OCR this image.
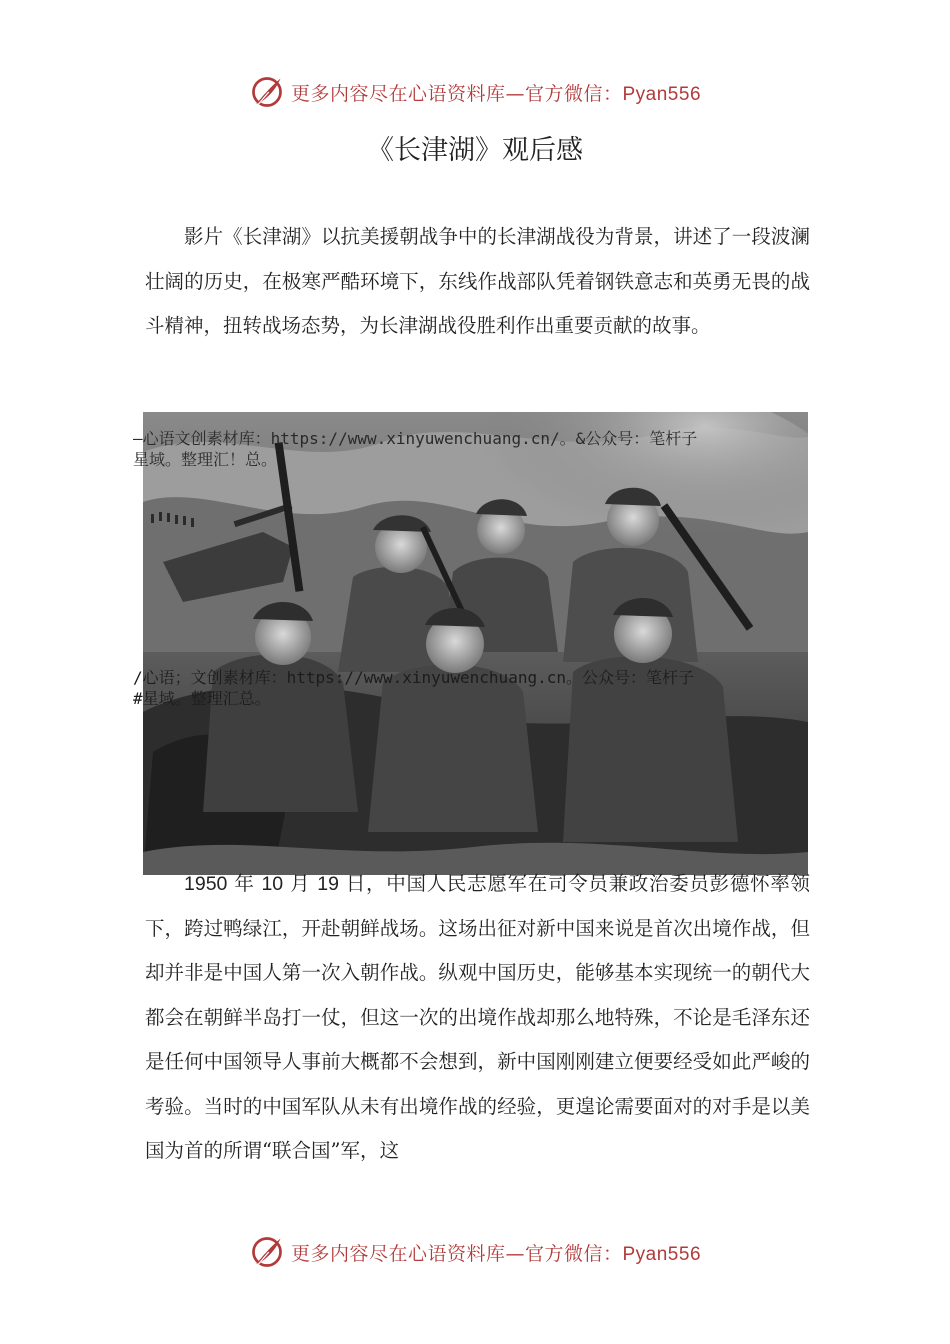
更多内容尽在心语资料库—官方微信：Pyan556
《长津湖》观后感

影片《长津湖》以抗美援朝战争中的长津湖战役为背景，讲述了一段波澜壮阔的历史，在极寒严酷环境下，东线作战部队凭着钢铁意志和英勇无畏的战斗精神，扭转战场态势，为长津湖战役胜利作出重要贡献的故事。

—心语文创素材库：https://www.xinyuwenchuang.cn/。&公众号：笔杆子
星域。整理汇！总。
/心语；文创素材库：https://www.xinyuwenchuang.cn。公众号：笔杆子
#星域。整理汇总。

1950 年 10 月 19 日，中国人民志愿军在司令员兼政治委员彭德怀率领下，跨过鸭绿江，开赴朝鲜战场。这场出征对新中国来说是首次出境作战，但却并非是中国人第一次入朝作战。纵观中国历史，能够基本实现统一的朝代大都会在朝鲜半岛打一仗，但这一次的出境作战却那么地特殊，不论是毛泽东还是任何中国领导人事前大概都不会想到，新中国刚刚建立便要经受如此严峻的考验。当时的中国军队从未有出境作战的经验，更遑论需要面对的对手是以美国为首的所谓“联合国”军，这

更多内容尽在心语资料库—官方微信：Pyan556
